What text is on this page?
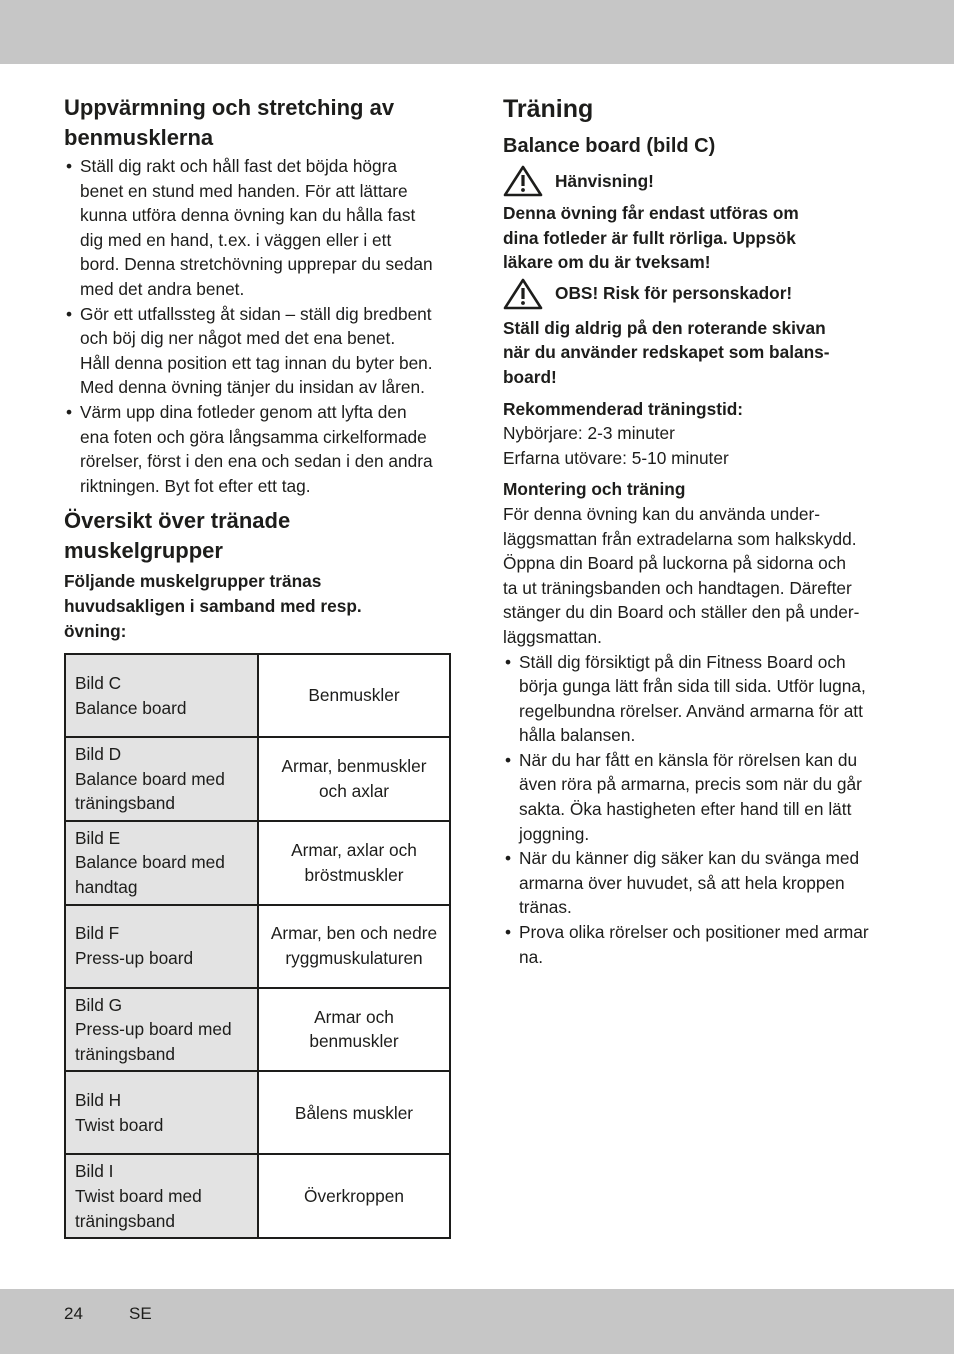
Uppvärmning och stretching av
benmusklerna
• Ställ dig rakt och håll fast det böjda högra
benet en stund med handen. För att lättare
kunna utföra denna övning kan du hålla fast
dig med en hand, t.ex. i väggen eller i ett
bord. Denna stretchövning upprepar du sedan
med det andra benet.
• Gör ett utfallssteg åt sidan – ställ dig bredbent
och böj dig ner något med det ena benet.
Håll denna position ett tag innan du byter ben.
Med denna övning tänjer du insidan av låren.
• Värm upp dina fotleder genom att lyfta den
ena foten och göra långsamma cirkelformade
rörelser, först i den ena och sedan i den andra
riktningen. Byt fot efter ett tag.
Översikt över tränade
muskelgrupper

Följande muskelgrupper tränas
huvudsakligen i samband med resp.
övning:

Bild C
Balance board	Benmuskler

Bild D
Balance board med
träningsband	Armar, benmuskler
och axlar

Bild E
Balance board med
handtag	Armar, axlar och
bröstmuskler

Bild F
Press-up board	Armar, ben och nedre
ryggmuskulaturen

Bild G
Press-up board med
träningsband	Armar och
benmuskler

Bild H
Twist board	Bålens muskler

Bild I
Twist board med
träningsband	Överkroppen
Träning
Balance board (bild C)
Hänvisning!

Denna övning får endast utföras om
dina fotleder är fullt rörliga. Uppsök
läkare om du är tveksam!

OBS! Risk för personskador!

Ställ dig aldrig på den roterande skivan
när du använder redskapet som balans-
board!

Rekommenderad träningstid:

Nybörjare: 2-3 minuter
Erfarna utövare: 5-10 minuter

Montering och träning

För denna övning kan du använda under-
läggsmattan från extradelarna som halkskydd.
Öppna din Board på luckorna på sidorna och
ta ut träningsbanden och handtagen. Därefter
stänger du din Board och ställer den på under-
läggsmattan.

• Ställ dig försiktigt på din Fitness Board och
börja gunga lätt från sida till sida. Utför lugna,
regelbundna rörelser. Använd armarna för att
hålla balansen.
• När du har fått en känsla för rörelsen kan du
även röra på armarna, precis som när du går
sakta. Öka hastigheten efter hand till en lätt
joggning.
• När du känner dig säker kan du svänga med
armarna över huvudet, så att hela kroppen
tränas.
• Prova olika rörelser och positioner med armar
na.
24	SE
